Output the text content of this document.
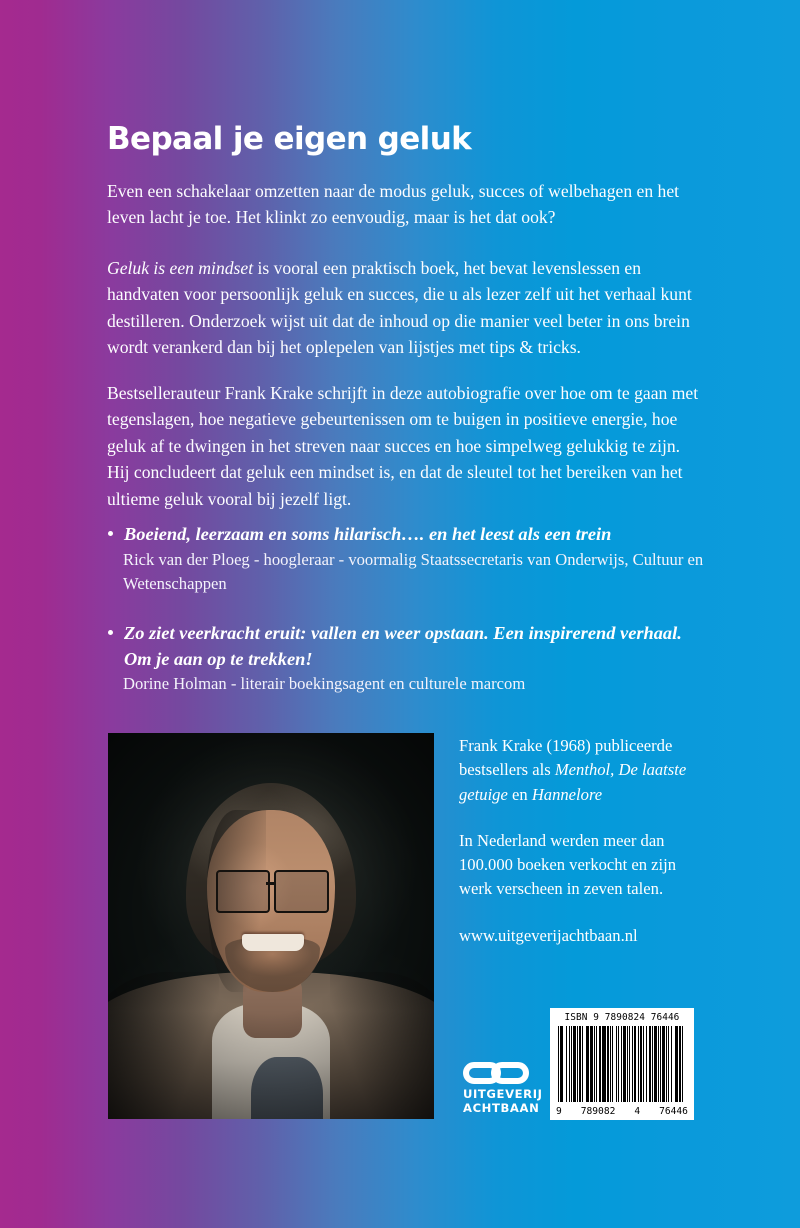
Bepaal je eigen geluk

Even een schakelaar omzetten naar de modus geluk, succes of welbehagen en het leven lacht je toe. Het klinkt zo eenvoudig, maar is het dat ook?

Geluk is een mindset is vooral een praktisch boek, het bevat levenslessen en handvaten voor persoonlijk geluk en succes, die u als lezer zelf uit het verhaal kunt destilleren. Onderzoek wijst uit dat de inhoud op die manier veel beter in ons brein wordt verankerd dan bij het oplepelen van lijstjes met tips & tricks.

Bestsellerauteur Frank Krake schrijft in deze autobiografie over hoe om te gaan met tegenslagen, hoe negatieve gebeurtenissen om te buigen in positieve energie, hoe geluk af te dwingen in het streven naar succes en hoe simpelweg gelukkig te zijn. Hij concludeert dat geluk een mindset is, en dat de sleutel tot het bereiken van het ultieme geluk vooral bij jezelf ligt.

Boeiend, leerzaam en soms hilarisch…. en het leest als een trein
Rick van der Ploeg - hoogleraar - voormalig Staatssecretaris van Onderwijs, Cultuur en Wetenschappen
Zo ziet veerkracht eruit: vallen en weer opstaan. Een inspirerend verhaal. Om je aan op te trekken!
Dorine Holman - literair boekingsagent en culturele marcom

Frank Krake (1968) publiceerde bestsellers als Menthol, De laatste getuige en Hannelore

In Nederland werden meer dan 100.000 boeken verkocht en zijn werk verscheen in zeven talen.

www.uitgeverijachtbaan.nl

UITGEVERIJ
ACHTBAAN
ISBN 9 7890824 76446
9 789082 4 76446
